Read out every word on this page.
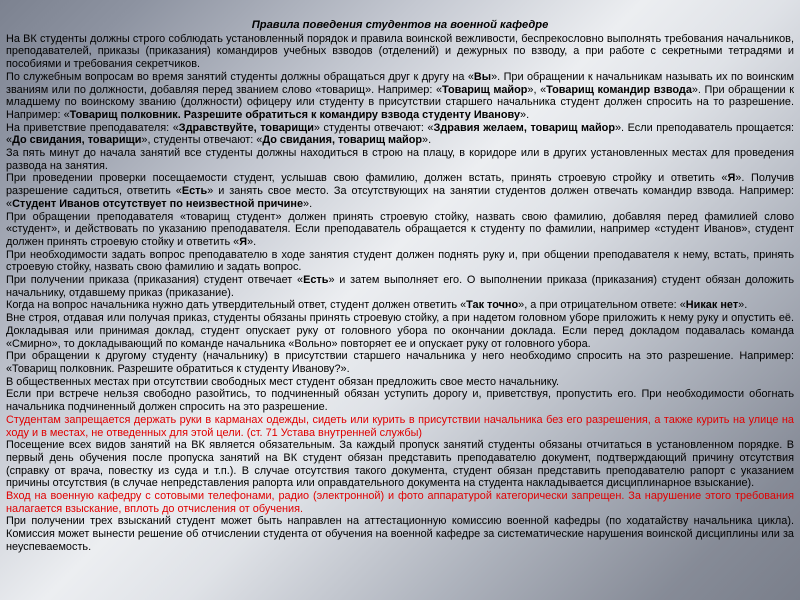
Правила поведения студентов на военной кафедре
На ВК студенты должны строго соблюдать установленный порядок и правила воинской вежливости, беспрекословно выполнять требования начальников, преподавателей, приказы (приказания) командиров учебных взводов (отделений) и дежурных по взводу, а при работе с секретными тетрадями и пособиями и требования секретчиков.
По служебным вопросам во время занятий студенты должны обращаться друг к другу на «Вы». При обращении к начальникам называть их по воинским званиям или по должности, добавляя перед званием слово «товарищ». Например: «Товарищ майор», «Товарищ командир взвода». При обращении к младшему по воинскому званию (должности) офицеру или студенту в присутствии старшего начальника студент должен спросить на то разрешение. Например: «Товарищ полковник. Разрешите обратиться к командиру взвода студенту Иванову».
На приветствие преподавателя: «Здравствуйте, товарищи» студенты отвечают: «Здравия желаем, товарищ майор». Если преподаватель прощается: «До свидания, товарищи», студенты отвечают: «До свидания, товарищ майор».
За пять минут до начала занятий все студенты должны находиться в строю на плацу, в коридоре или в других установленных местах для проведения развода на занятия.
При проведении проверки посещаемости студент, услышав свою фамилию, должен встать, принять строевую стройку и ответить «Я». Получив разрешение садиться, ответить «Есть» и занять свое место. За отсутствующих на занятии студентов должен отвечать командир взвода. Например: «Студент Иванов отсутствует по неизвестной причине».
При обращении преподавателя «товарищ студент» должен принять строевую стойку, назвать свою фамилию, добавляя перед фамилией слово «студент», и действовать по указанию преподавателя. Если преподаватель обращается к студенту по фамилии, например «студент Иванов», студент должен принять строевую стойку и ответить «Я».
При необходимости задать вопрос преподавателю в ходе занятия студент должен поднять руку и, при общении преподавателя к нему, встать, принять строевую стойку, назвать свою фамилию и задать вопрос.
При получении приказа (приказания) студент отвечает «Есть» и затем выполняет его. О выполнении приказа (приказания) студент обязан доложить начальнику, отдавшему приказ (приказание).
Когда на вопрос начальника нужно дать утвердительный ответ, студент должен ответить «Так точно», а при отрицательном ответе: «Никак нет».
Вне строя, отдавая или получая приказ, студенты обязаны принять строевую стойку, а при надетом головном уборе приложить к нему руку и опустить её. Докладывая или принимая доклад, студент опускает руку от головного убора по окончании доклада. Если перед докладом подавалась команда «Смирно», то докладывающий по команде начальника «Вольно» повторяет ее и опускает руку от головного убора.
При обращении к другому студенту (начальнику) в присутствии старшего начальника у него необходимо спросить на это разрешение. Например: «Товарищ полковник. Разрешите обратиться к студенту Иванову?».
В общественных местах при отсутствии свободных мест студент обязан предложить свое место начальнику.
Если при встрече нельзя свободно разойтись, то подчиненный обязан уступить дорогу и, приветствуя, пропустить его. При необходимости обогнать начальника подчиненный должен спросить на это разрешение.
Студентам запрещается держать руки в карманах одежды, сидеть или курить в присутствии начальника без его разрешения, а также курить на улице на ходу и в местах, не отведенных для этой цели. (ст. 71 Устава внутренней службы)
Посещение всех видов занятий на ВК является обязательным. За каждый пропуск занятий студенты обязаны отчитаться в установленном порядке. В первый день обучения после пропуска занятий на ВК студент обязан представить преподавателю документ, подтверждающий причину отсутствия (справку от врача, повестку из суда и т.п.). В случае отсутствия такого документа, студент обязан представить преподавателю рапорт с указанием причины отсутствия (в случае непредставления рапорта или оправдательного документа на студента накладывается дисциплинарное взыскание).
Вход на военную кафедру с сотовыми телефонами, радио (электронной) и фото аппаратурой категорически запрещен. За нарушение этого требования налагается взыскание, вплоть до отчисления от обучения.
При получении трех взысканий студент может быть направлен на аттестационную комиссию военной кафедры (по ходатайству начальника цикла). Комиссия может вынести решение об отчислении студента от обучения на военной кафедре за систематические нарушения воинской дисциплины или за неуспеваемость.
